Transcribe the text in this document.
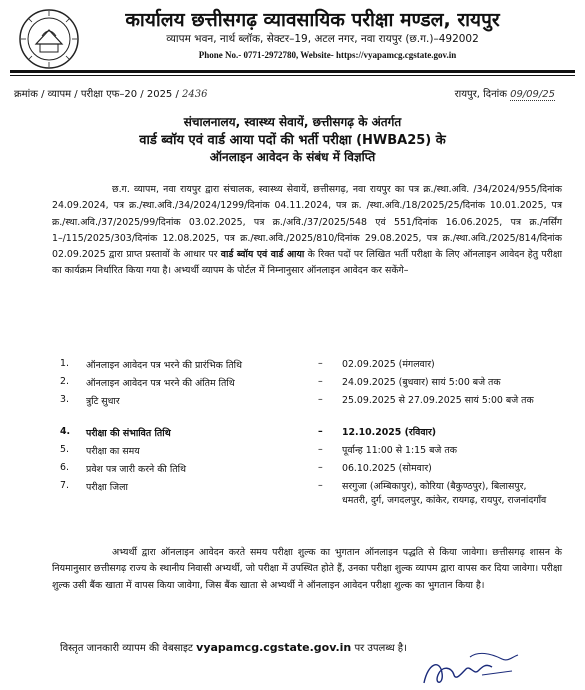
कार्यालय छत्तीसगढ़ व्यावसायिक परीक्षा मण्डल, रायपुर
व्यापम भवन, नार्थ ब्लॉक, सेक्टर–19, अटल नगर, नवा रायपुर (छ.ग.)–492002
Phone No.- 0771-2972780, Website- https://vyapamcg.cgstate.gov.in
क्रमांक / व्यापम / परीक्षा एफ–20 / 2025 / 2436	रायपुर, दिनांक 09/09/25
संचालनालय, स्वास्थ्य सेवायें, छत्तीसगढ़ के अंतर्गत
वार्ड ब्वॉय एवं वार्ड आया पदों की भर्ती परीक्षा (HWBA25) के
ऑनलाइन आवेदन के संबंध में विज्ञप्ति
छ.ग. व्यापम, नवा रायपुर द्वारा संचालक, स्वास्थ्य सेवायें, छत्तीसगढ़, नवा रायपुर का पत्र क्र./स्था.अवि. /34/2024/955/दिनांक 24.09.2024, पत्र क्र./स्था.अवि./34/2024/1299/दिनांक 04.11.2024, पत्र क्र. /स्था.अवि./18/2025/25/दिनांक 10.01.2025, पत्र क्र./स्था.अवि./37/2025/99/दिनांक 03.02.2025, पत्र क्र./अवि./37/2025/548 एवं 551/दिनांक 16.06.2025, पत्र क्र./नर्सिंग 1–/115/2025/303/दिनांक 12.08.2025, पत्र क्र./स्था.अवि./2025/810/दिनांक 29.08.2025, पत्र क्र./स्था.अवि./2025/814/दिनांक 02.09.2025 द्वारा प्राप्त प्रस्तावों के आधार पर वार्ड ब्वॉय एवं वार्ड आया के रिक्त पदों पर लिखित भर्ती परीक्षा के लिए ऑनलाइन आवेदन हेतु परीक्षा का कार्यक्रम निर्धारित किया गया है। अभ्यर्थी व्यापम के पोर्टल में निम्नानुसार ऑनलाइन आवेदन कर सकेंगे–
1.	ऑनलाइन आवेदन पत्र भरने की प्रारंभिक तिथि	–	02.09.2025 (मंगलवार)
2.	ऑनलाइन आवेदन पत्र भरने की अंतिम तिथि	–	24.09.2025 (बुधवार) सायं 5:00 बजे तक
3.	त्रुटि सुधार	–	25.09.2025 से 27.09.2025 सायं 5:00 बजे तक
4.	परीक्षा की संभावित तिथि	–	12.10.2025 (रविवार)
5.	परीक्षा का समय	–	पूर्वान्ह 11:00 से 1:15 बजे तक
6.	प्रवेश पत्र जारी करने की तिथि	–	06.10.2025 (सोमवार)
7.	परीक्षा जिला	–	सरगुजा (अम्बिकापुर), कोरिया (बैकुण्ठपुर), बिलासपुर, धमतरी, दुर्ग, जगदलपुर, कांकेर, रायगढ़, रायपुर, राजनांदगाँव
अभ्यर्थी द्वारा ऑनलाइन आवेदन करते समय परीक्षा शुल्क का भुगतान ऑनलाइन पद्धति से किया जावेगा। छत्तीसगढ़ शासन के नियमानुसार छत्तीसगढ़ राज्य के स्थानीय निवासी अभ्यर्थी, जो परीक्षा में उपस्थित होते हैं, उनका परीक्षा शुल्क व्यापम द्वारा वापस कर दिया जावेगा। परीक्षा शुल्क उसी बैंक खाता में वापस किया जावेगा, जिस बैंक खाता से अभ्यर्थी ने ऑनलाइन आवेदन परीक्षा शुल्क का भुगतान किया है।
विस्तृत जानकारी व्यापम की वेबसाइट vyapamcg.cgstate.gov.in पर उपलब्ध है।
